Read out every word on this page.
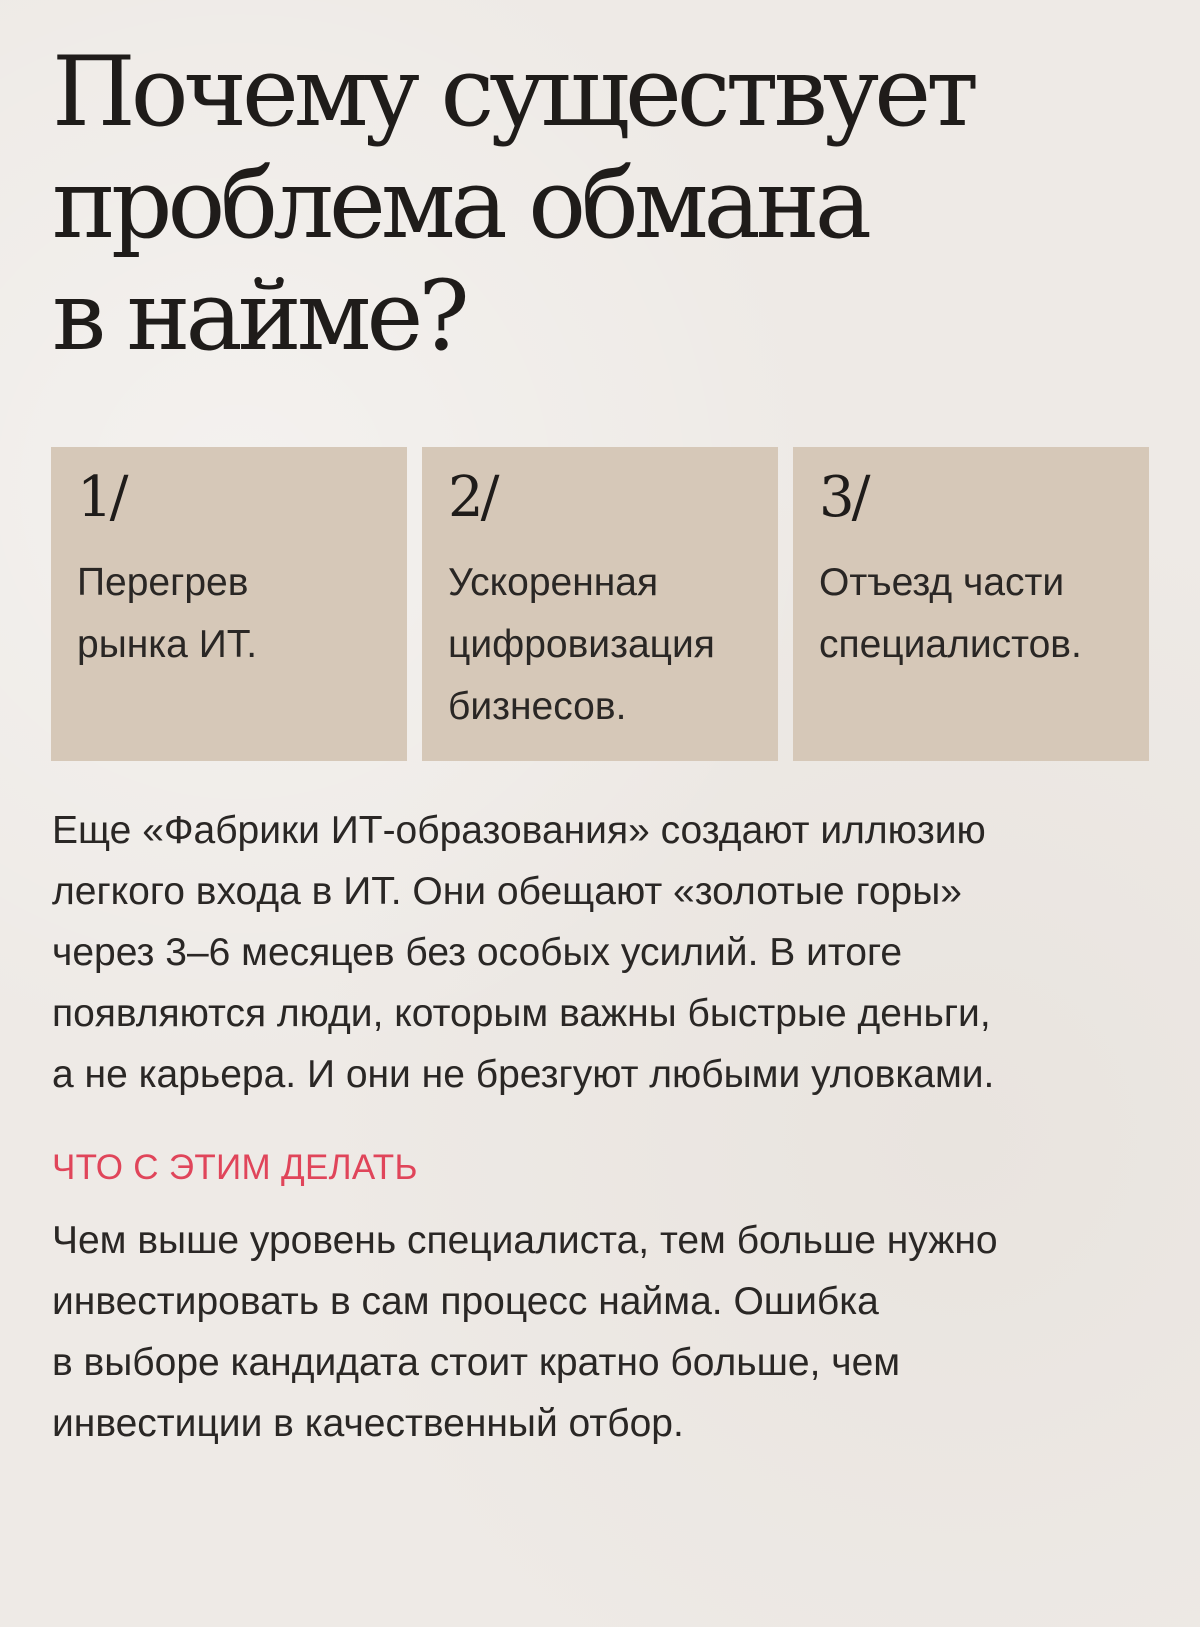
Почему существует
проблема обмана
в найме?
1/
Перегрев
рынка ИТ.
2/
Ускоренная
цифровизация
бизнесов.
3/
Отъезд части
специалистов.
Еще «Фабрики ИТ-образования» создают иллюзию
легкого входа в ИТ. Они обещают «золотые горы»
через 3–6 месяцев без особых усилий. В итоге
появляются люди, которым важны быстрые деньги,
а не карьера. И они не брезгуют любыми уловками.
ЧТО С ЭТИМ ДЕЛАТЬ
Чем выше уровень специалиста, тем больше нужно
инвестировать в сам процесс найма. Ошибка
в выборе кандидата стоит кратно больше, чем
инвестиции в качественный отбор.
